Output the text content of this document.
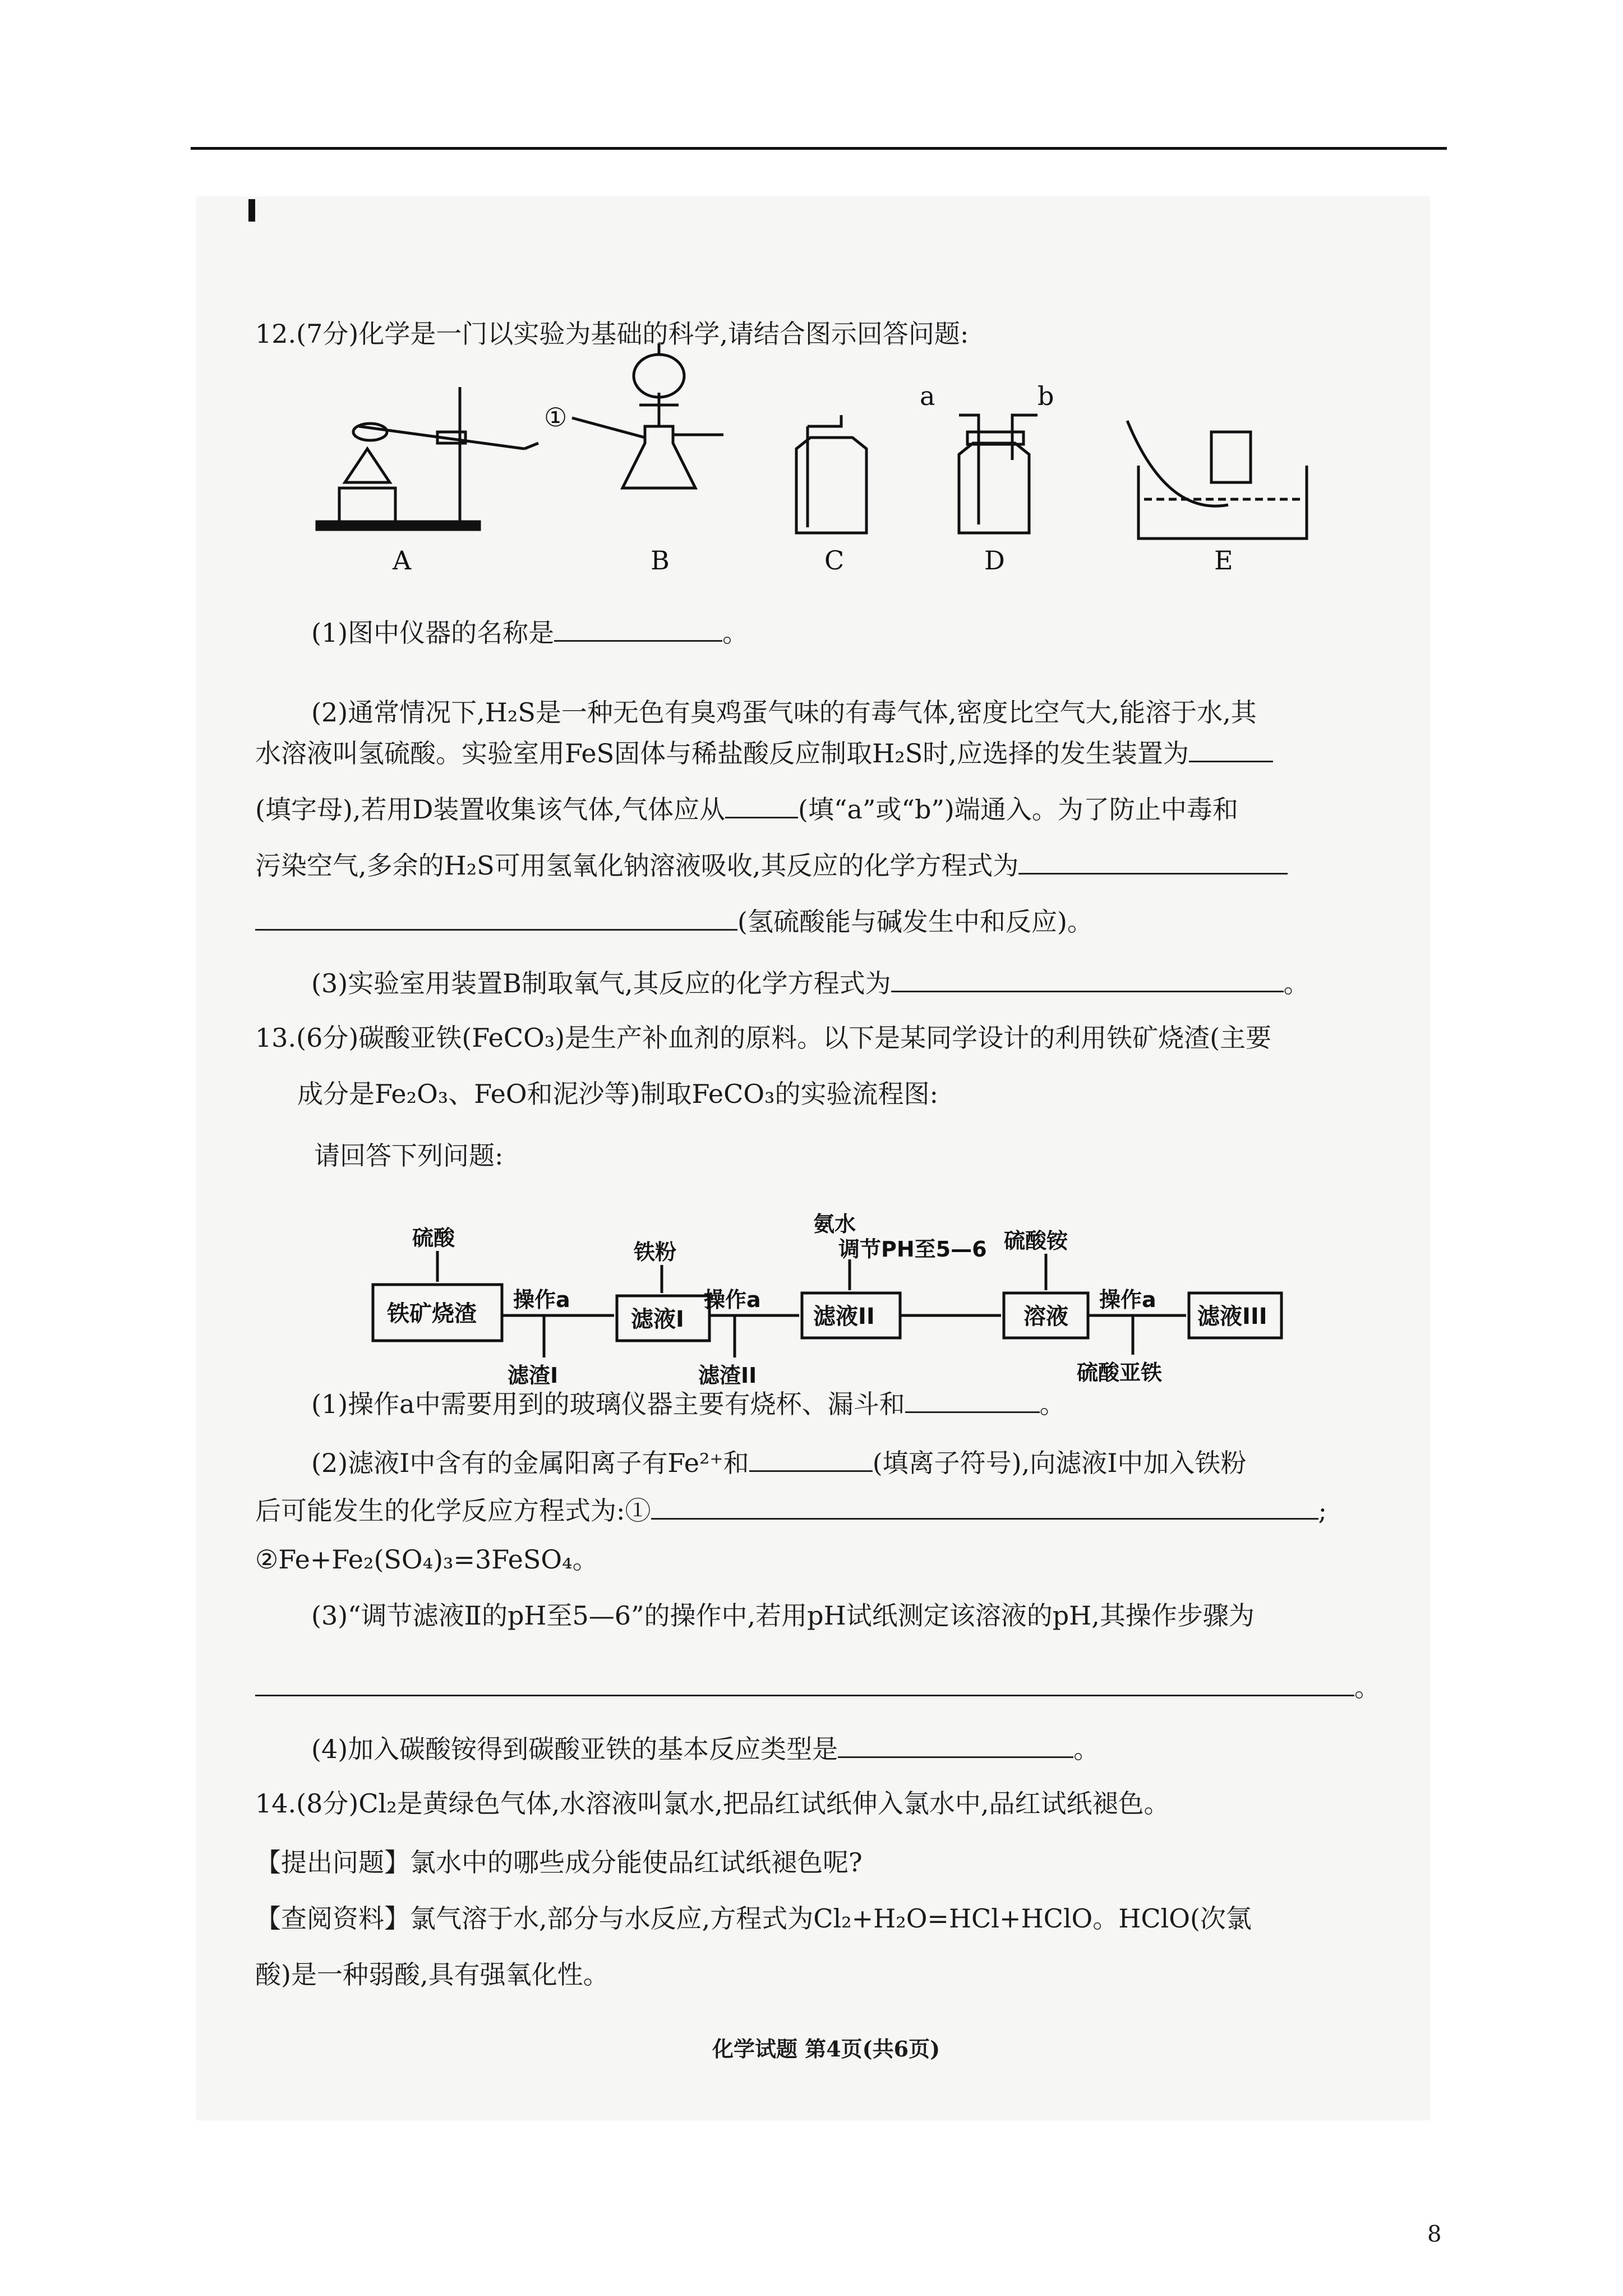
12.(7分)化学是一门以实验为基础的科学,请结合图示回答问题:
A	B	C	D	E
①
a	b
铁矿烧渣	滤液I	滤液II	溶液	滤液III
硫酸
铁粉
氨水
调节PH至5—6 硫酸铵
操作a	操作a	操作a
滤渣I	滤渣II	硫酸亚铁
(1)图中仪器的名称是	。
(2)通常情况下,H₂S是一种无色有臭鸡蛋气味的有毒气体,密度比空气大,能溶于水,其
水溶液叫氢硫酸。实验室用FeS固体与稀盐酸反应制取H₂S时,应选择的发生装置为
(填字母),若用D装置收集该气体,气体应从	(填“a”或“b”)端通入。为了防止中毒和
污染空气,多余的H₂S可用氢氧化钠溶液吸收,其反应的化学方程式为
(氢硫酸能与碱发生中和反应)。
(3)实验室用装置B制取氧气,其反应的化学方程式为	。
13.(6分)碳酸亚铁(FeCO₃)是生产补血剂的原料。以下是某同学设计的利用铁矿烧渣(主要
成分是Fe₂O₃、FeO和泥沙等)制取FeCO₃的实验流程图:
请回答下列问题:
(1)操作a中需要用到的玻璃仪器主要有烧杯、漏斗和	。
(2)滤液Ⅰ中含有的金属阳离子有Fe²⁺和	(填离子符号),向滤液Ⅰ中加入铁粉
后可能发生的化学反应方程式为:①	;
②Fe+Fe₂(SO₄)₃=3FeSO₄。
(3)“调节滤液Ⅱ的pH至5—6”的操作中,若用pH试纸测定该溶液的pH,其操作步骤为
。
(4)加入碳酸铵得到碳酸亚铁的基本反应类型是	。
14.(8分)Cl₂是黄绿色气体,水溶液叫氯水,把品红试纸伸入氯水中,品红试纸褪色。
【提出问题】氯水中的哪些成分能使品红试纸褪色呢?
【查阅资料】氯气溶于水,部分与水反应,方程式为Cl₂+H₂O=HCl+HClO。HClO(次氯
酸)是一种弱酸,具有强氧化性。
化学试题 第4页(共6页)
8
